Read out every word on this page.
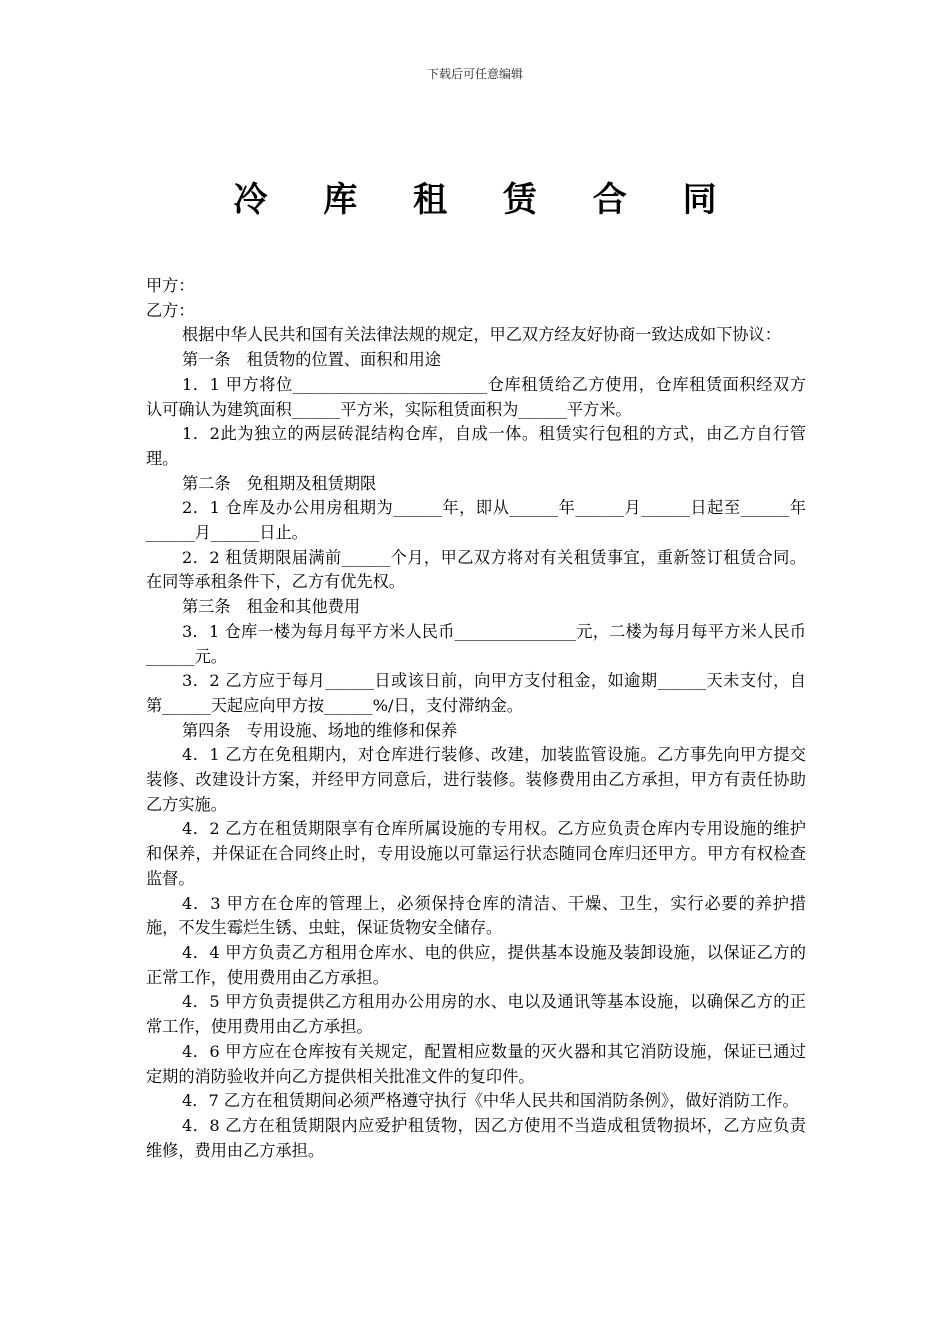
下载后可任意编辑
冷 库 租 赁 合 同

甲方：

乙方：

根据中华人民共和国有关法律法规的规定，甲乙双方经友好协商一致达成如下协议：

第一条　租赁物的位置、面积和用途

1．1 甲方将位________________________仓库租赁给乙方使用，仓库租赁面积经双方认可确认为建筑面积______平方米，实际租赁面积为______平方米。

1．2此为独立的两层砖混结构仓库，自成一体。租赁实行包租的方式，由乙方自行管理。

第二条　免租期及租赁期限

2．1 仓库及办公用房租期为______年，即从______年______月______日起至______年______月______日止。

2．2 租赁期限届满前______个月，甲乙双方将对有关租赁事宜，重新签订租赁合同。在同等承租条件下，乙方有优先权。

第三条　租金和其他费用

3．1 仓库一楼为每月每平方米人民币_______________元，二楼为每月每平方米人民币______元。

3．2 乙方应于每月______日或该日前，向甲方支付租金，如逾期______天未支付，自第______天起应向甲方按______%/日，支付滞纳金。

第四条　专用设施、场地的维修和保养

4．1 乙方在免租期内，对仓库进行装修、改建，加装监管设施。乙方事先向甲方提交装修、改建设计方案，并经甲方同意后，进行装修。装修费用由乙方承担，甲方有责任协助乙方实施。

4．2 乙方在租赁期限享有仓库所属设施的专用权。乙方应负责仓库内专用设施的维护和保养，并保证在合同终止时，专用设施以可靠运行状态随同仓库归还甲方。甲方有权检查监督。

4．3 甲方在仓库的管理上，必须保持仓库的清洁、干燥、卫生，实行必要的养护措施，不发生霉烂生锈、虫蛀，保证货物安全储存。

4．4 甲方负责乙方租用仓库水、电的供应，提供基本设施及装卸设施，以保证乙方的正常工作，使用费用由乙方承担。

4．5 甲方负责提供乙方租用办公用房的水、电以及通讯等基本设施，以确保乙方的正常工作，使用费用由乙方承担。

4．6 甲方应在仓库按有关规定，配置相应数量的灭火器和其它消防设施，保证已通过定期的消防验收并向乙方提供相关批准文件的复印件。

4．7 乙方在租赁期间必须严格遵守执行《中华人民共和国消防条例》，做好消防工作。

4．8 乙方在租赁期限内应爱护租赁物，因乙方使用不当造成租赁物损坏，乙方应负责维修，费用由乙方承担。
